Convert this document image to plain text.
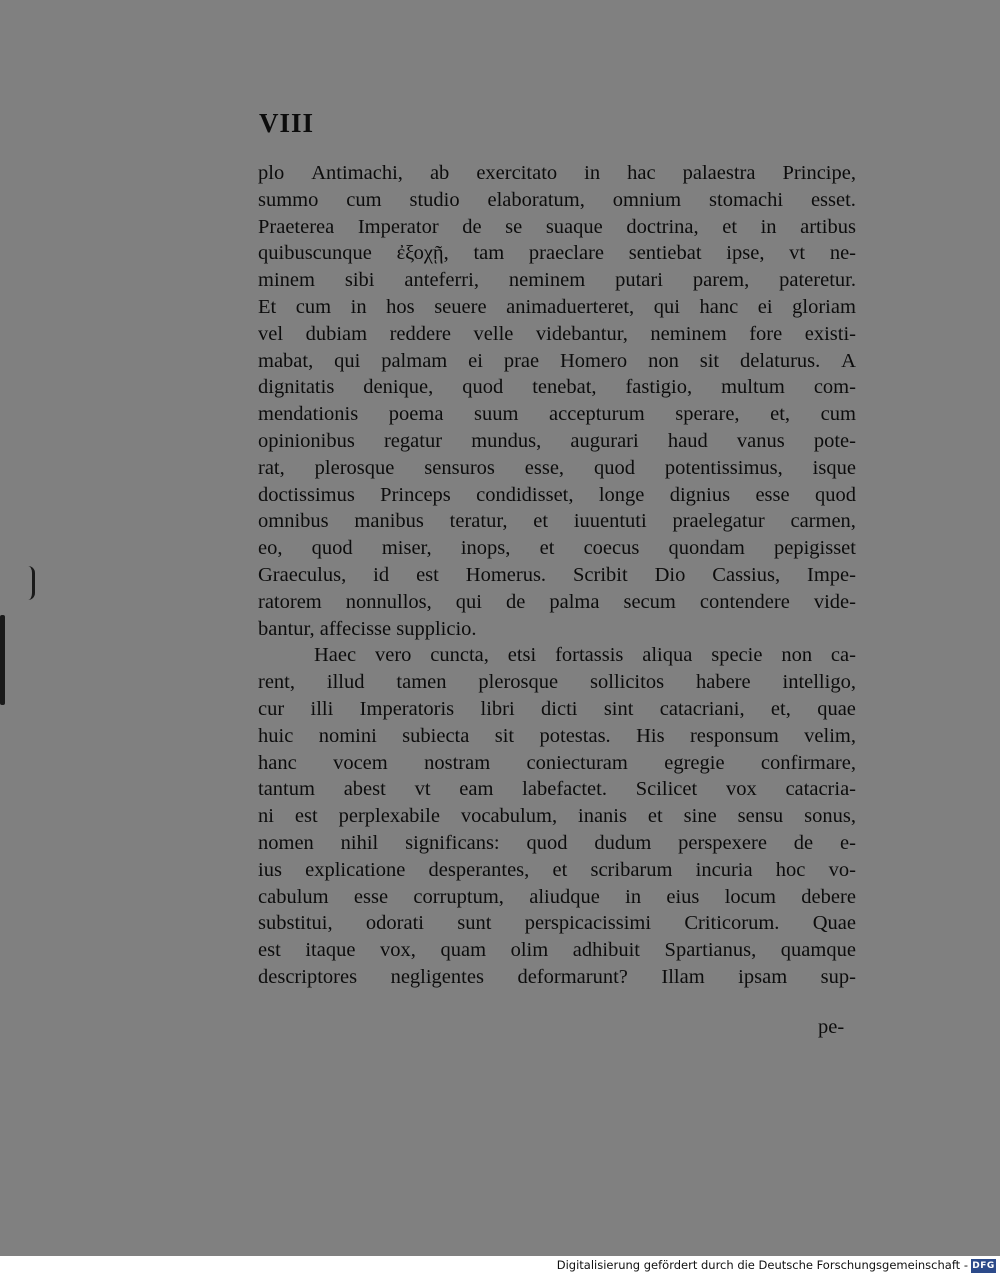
VIII

plo Antimachi, ab exercitato in hac palaestra Principe,
summo cum studio elaboratum, omnium stomachi esset.
Praeterea Imperator de se suaque doctrina, et in artibus
quibuscunque ἐξοχῇ, tam praeclare sentiebat ipse, vt ne-
minem sibi anteferri, neminem putari parem, pateretur.
Et cum in hos seuere animaduerteret, qui hanc ei gloriam
vel dubiam reddere velle videbantur, neminem fore existi-
mabat, qui palmam ei prae Homero non sit delaturus. A
dignitatis denique, quod tenebat, fastigio, multum com-
mendationis poema suum accepturum sperare, et, cum
opinionibus regatur mundus, augurari haud vanus pote-
rat, plerosque sensuros esse, quod potentissimus, isque
doctissimus Princeps condidisset, longe dignius esse quod
omnibus manibus teratur, et iuuentuti praelegatur carmen,
eo, quod miser, inops, et coecus quondam pepigisset
Graeculus, id est Homerus. Scribit Dio Cassius, Impe-
ratorem nonnullos, qui de palma secum contendere vide-
bantur, affecisse supplicio.
Haec vero cuncta, etsi fortassis aliqua specie non ca-
rent, illud tamen plerosque sollicitos habere intelligo,
cur illi Imperatoris libri dicti sint catacriani, et, quae
huic nomini subiecta sit potestas. His responsum velim,
hanc vocem nostram coniecturam egregie confirmare,
tantum abest vt eam labefactet. Scilicet vox catacria-
ni est perplexabile vocabulum, inanis et sine sensu sonus,
nomen nihil significans: quod dudum perspexere de e-
ius explicatione desperantes, et scribarum incuria hoc vo-
cabulum esse corruptum, aliudque in eius locum debere
substitui, odorati sunt perspicacissimi Criticorum. Quae
est itaque vox, quam olim adhibuit Spartianus, quamque
descriptores negligentes deformarunt? Illam ipsam sup-

pe-

Digitalisierung gefördert durch die Deutsche Forschungsgemeinschaft - DFG
